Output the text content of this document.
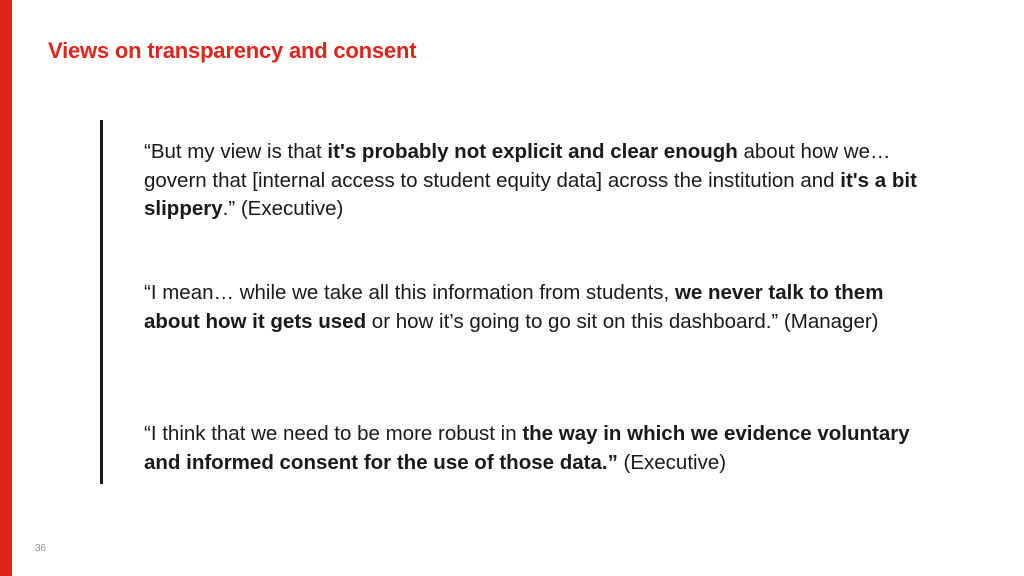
Views on transparency and consent

“But my view is that it's probably not explicit and clear enough about how we… govern that [internal access to student equity data] across the institution and it's a bit slippery.” (Executive)

“I mean… while we take all this information from students, we never talk to them about how it gets used or how it’s going to go sit on this dashboard.” (Manager)

“I think that we need to be more robust in the way in which we evidence voluntary and informed consent for the use of those data.” (Executive)

36
